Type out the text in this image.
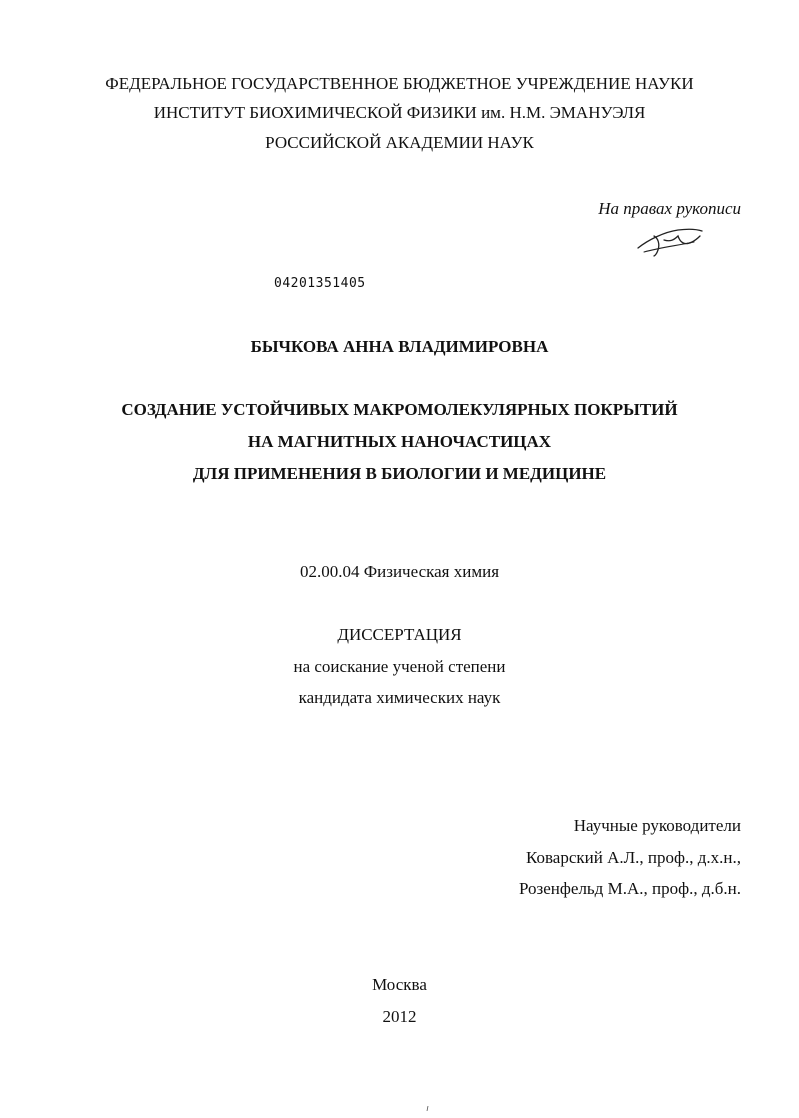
ФЕДЕРАЛЬНОЕ ГОСУДАРСТВЕННОЕ БЮДЖЕТНОЕ УЧРЕЖДЕНИЕ НАУКИ
ИНСТИТУТ БИОХИМИЧЕСКОЙ ФИЗИКИ им. Н.М. ЭМАНУЭЛЯ
РОССИЙСКОЙ АКАДЕМИИ НАУК
На правах рукописи
04201351405
БЫЧКОВА АННА ВЛАДИМИРОВНА
СОЗДАНИЕ УСТОЙЧИВЫХ МАКРОМОЛЕКУЛЯРНЫХ ПОКРЫТИЙ
НА МАГНИТНЫХ НАНОЧАСТИЦАХ
ДЛЯ ПРИМЕНЕНИЯ В БИОЛОГИИ И МЕДИЦИНЕ
02.00.04 Физическая химия
ДИССЕРТАЦИЯ
на соискание ученой степени
кандидата химических наук
Научные руководители
Коварский А.Л., проф., д.х.н.,
Розенфельд М.А., проф., д.б.н.
Москва
2012
